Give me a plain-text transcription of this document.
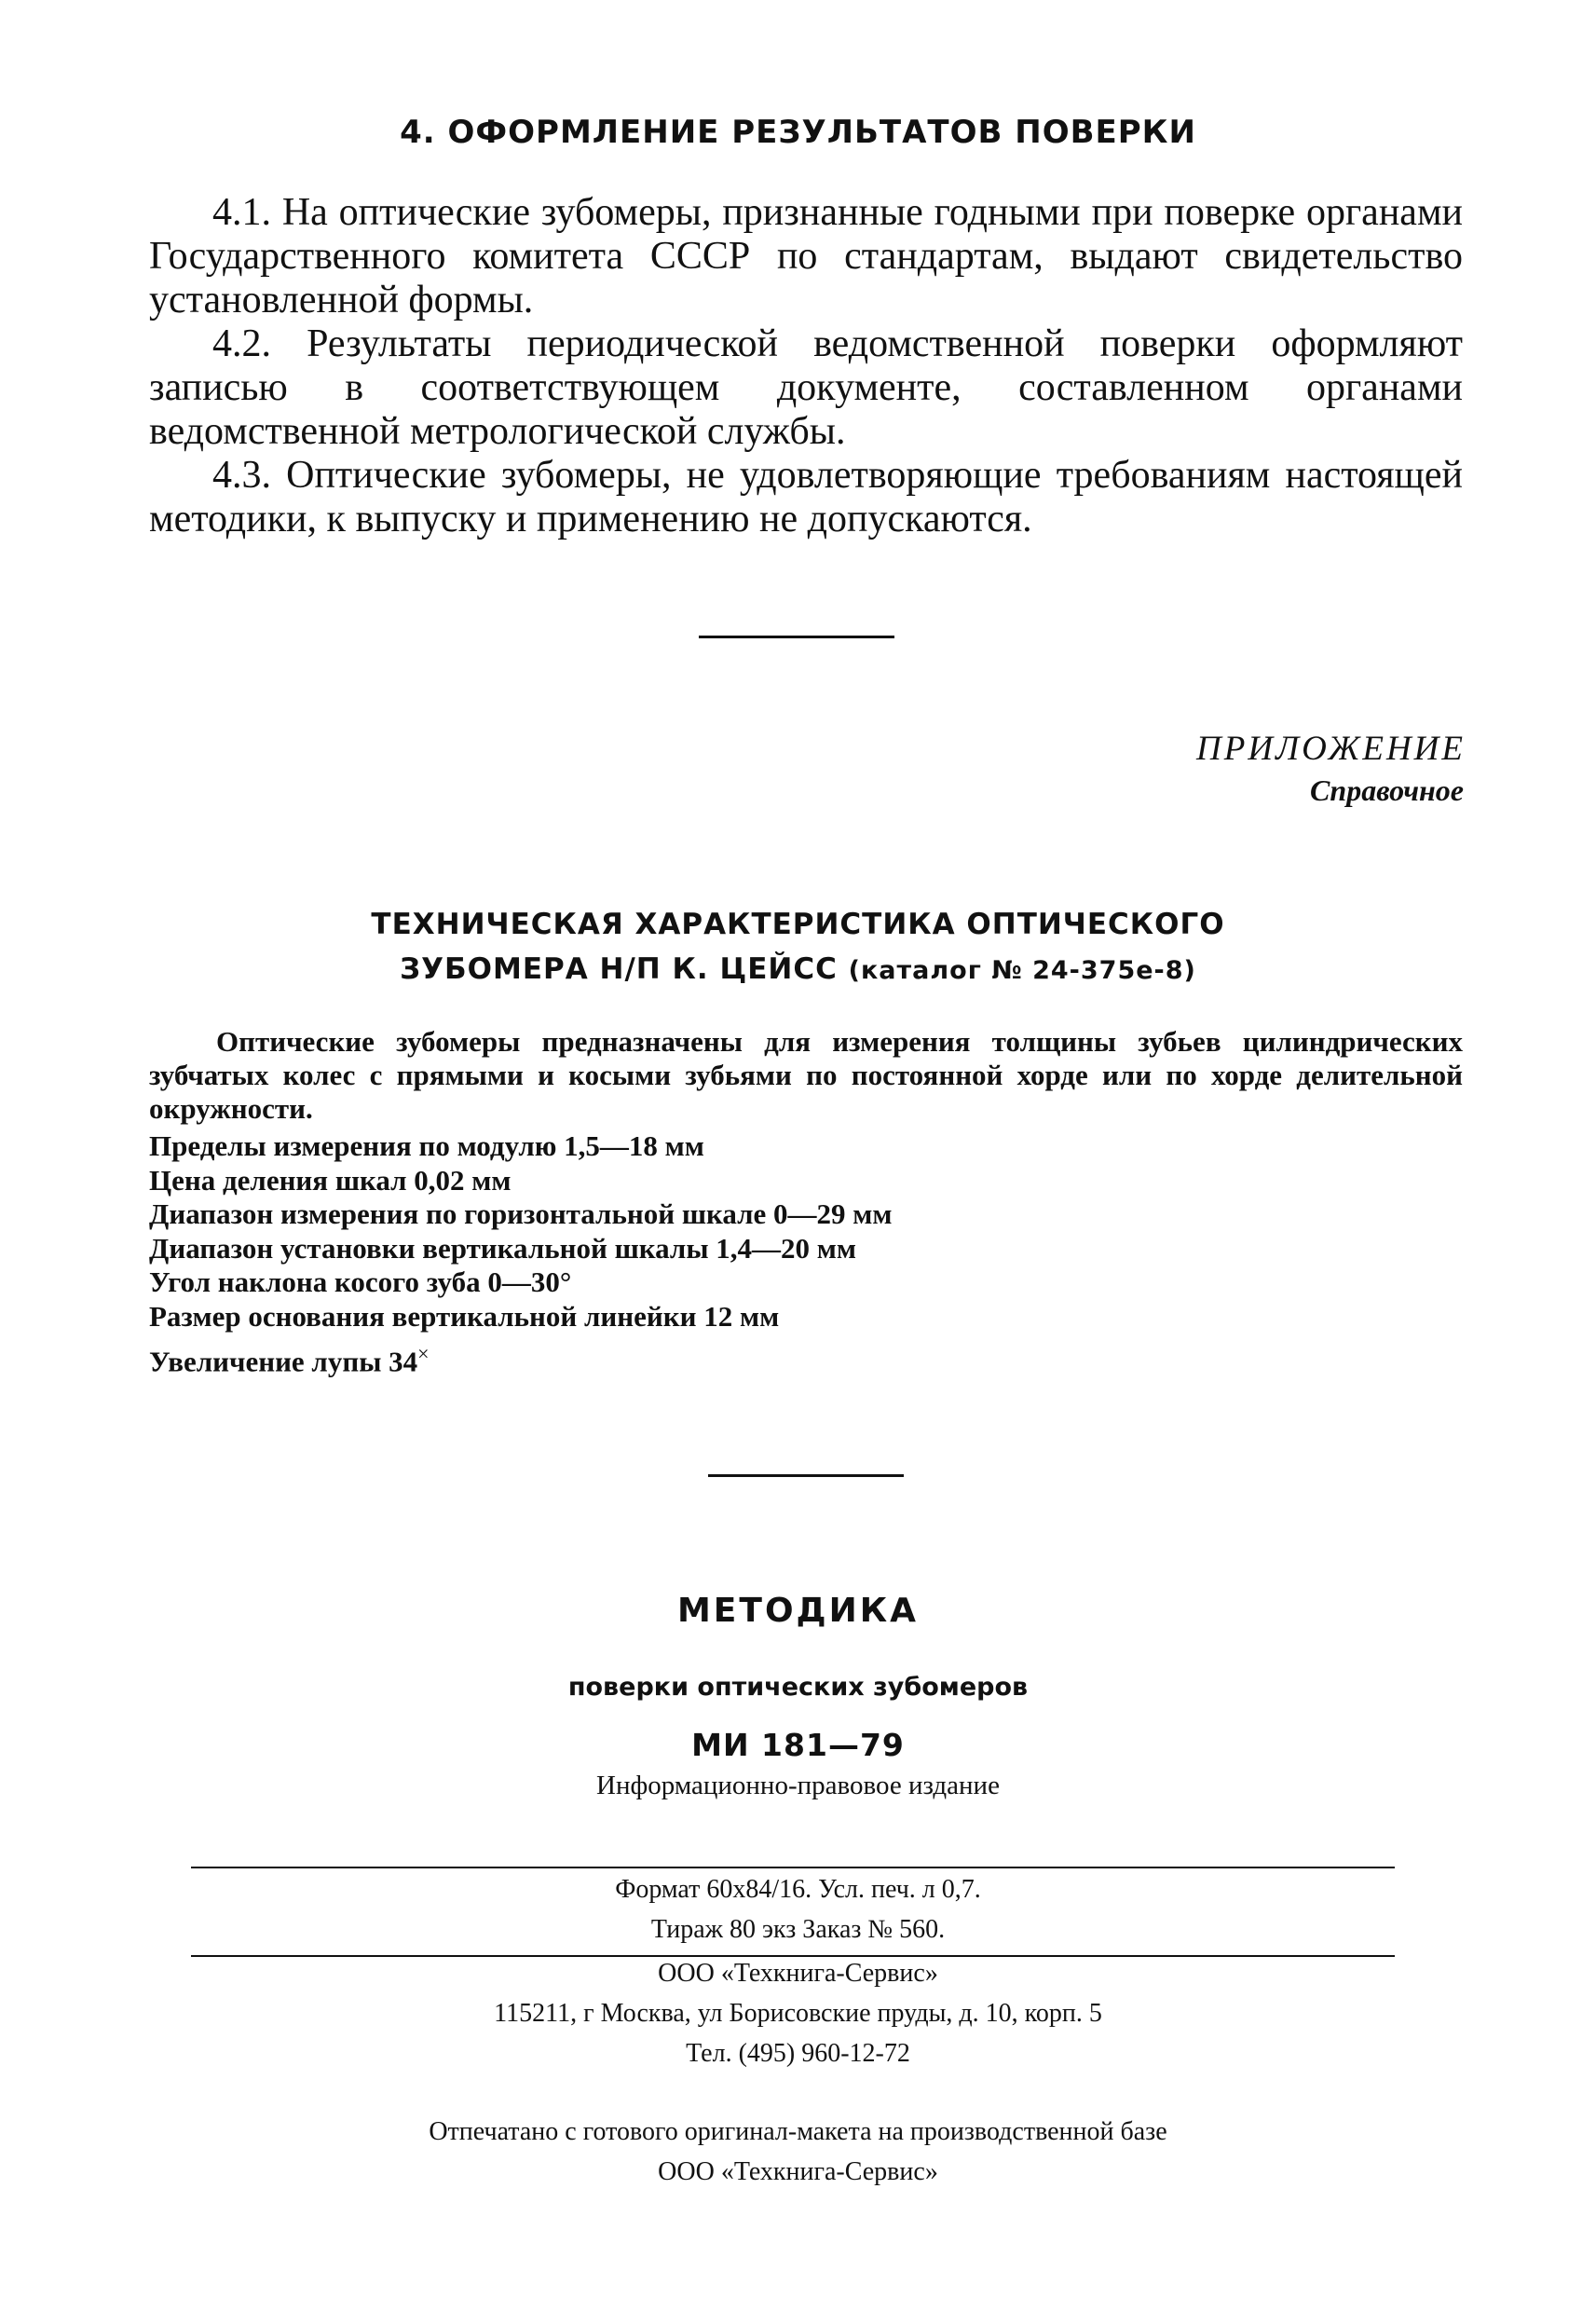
4. ОФОРМЛЕНИЕ РЕЗУЛЬТАТОВ ПОВЕРКИ

4.1. На оптические зубомеры, признанные годными при поверке органами Государственного комитета СССР по стандартам, выдают свидетельство установленной формы.

4.2. Результаты периодической ведомственной поверки оформляют записью в соответствующем документе, составленном органами ведомственной метрологической службы.

4.3. Оптические зубомеры, не удовлетворяющие требованиям настоящей методики, к выпуску и применению не допускаются.

ПРИЛОЖЕНИЕ
Справочное
ТЕХНИЧЕСКАЯ ХАРАКТЕРИСТИКА ОПТИЧЕСКОГО
ЗУБОМЕРА Н/П К. ЦЕЙСС (каталог № 24-375е-8)
Оптические зубомеры предназначены для измерения толщины зубьев цилиндрических зубчатых колес с прямыми и косыми зубьями по постоянной хорде или по хорде делительной окружности.
Пределы измерения по модулю 1,5—18 мм
Цена деления шкал 0,02 мм
Диапазон измерения по горизонтальной шкале 0—29 мм
Диапазон установки вертикальной шкалы 1,4—20 мм
Угол наклона косого зуба 0—30°
Размер основания вертикальной линейки 12 мм
Увеличение лупы 34×
МЕТОДИКА
поверки оптических зубомеров
МИ 181—79
Информационно-правовое издание
Формат 60х84/16. Усл. печ. л 0,7.
Тираж 80 экз Заказ № 560.
ООО «Техкнига-Сервис»
115211, г Москва, ул Борисовские пруды, д. 10, корп. 5
Тел. (495) 960-12-72
Отпечатано с готового оригинал-макета на производственной базе
ООО «Техкнига-Сервис»
